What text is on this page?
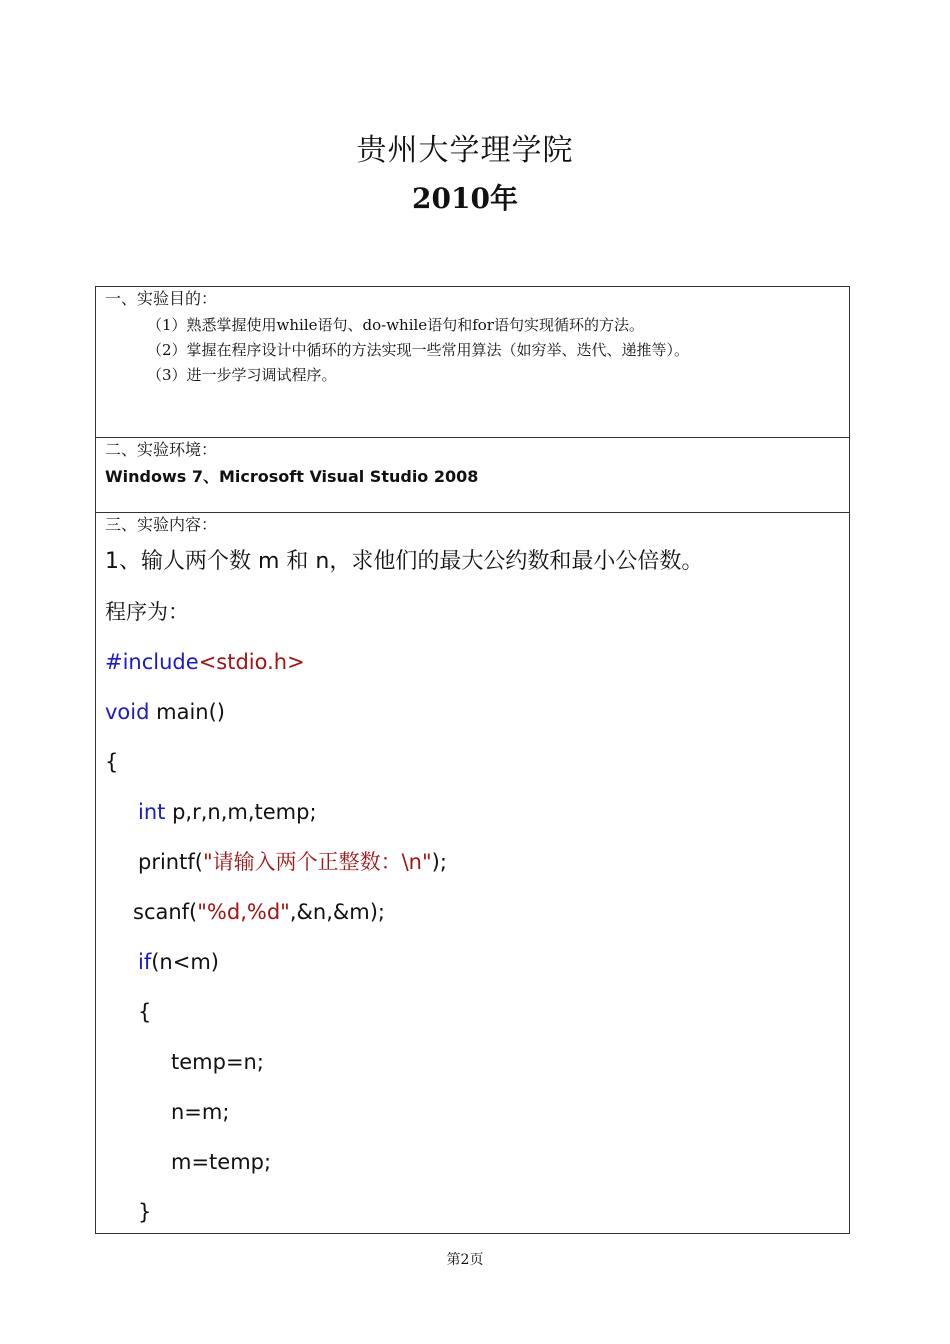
贵州大学理学院
2010年
一、实验目的：
（1）熟悉掌握使用while语句、do-while语句和for语句实现循环的方法。
（2）掌握在程序设计中循环的方法实现一些常用算法（如穷举、迭代、递推等）。
（3）进一步学习调试程序。
二、实验环境：
Windows 7、Microsoft Visual Studio 2008
三、实验内容：
1、输人两个数 m 和 n，求他们的最大公约数和最小公倍数。
程序为：
#include<stdio.h>
void main()
{
int p,r,n,m,temp;
printf("请输入两个正整数：\n");
scanf("%d,%d",&n,&m);
if(n<m)
{
temp=n;
n=m;
m=temp;
}
第2页
